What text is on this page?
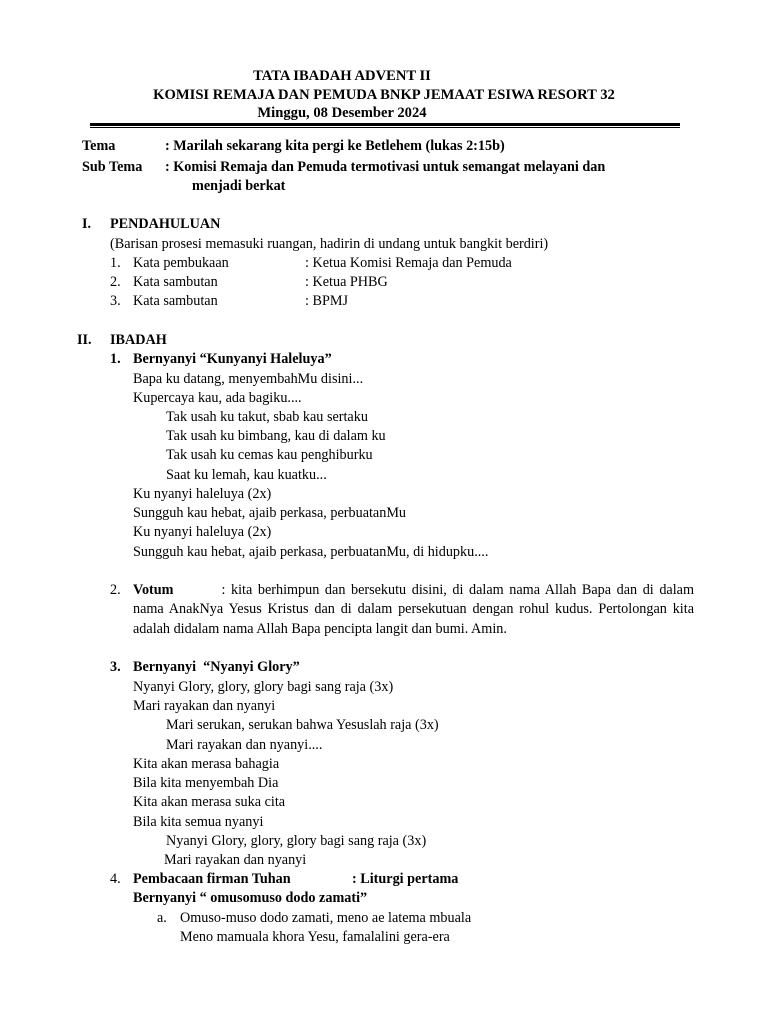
TATA IBADAH ADVENT II
KOMISI REMAJA DAN PEMUDA BNKP JEMAAT ESIWA RESORT 32
Minggu, 08 Desember 2024
Tema	: Marilah sekarang kita pergi ke Betlehem (lukas 2:15b)
Sub Tema : Komisi Remaja dan Pemuda termotivasi untuk semangat melayani dan
menjadi berkat
I. PENDAHULUAN
(Barisan prosesi memasuki ruangan, hadirin di undang untuk bangkit berdiri)
1. Kata pembukaan	: Ketua Komisi Remaja dan Pemuda
2. Kata sambutan	: Ketua PHBG
3. Kata sambutan	: BPMJ
II. IBADAH
1. Bernyanyi “Kunyanyi Haleluya”
Bapa ku datang, menyembahMu disini...
Kupercaya kau, ada bagiku....
Tak usah ku takut, sbab kau sertaku
Tak usah ku bimbang, kau di dalam ku
Tak usah ku cemas kau penghiburku
Saat ku lemah, kau kuatku...
Ku nyanyi haleluya (2x)
Sungguh kau hebat, ajaib perkasa, perbuatanMu
Ku nyanyi haleluya (2x)
Sungguh kau hebat, ajaib perkasa, perbuatanMu, di hidupku....
2. Votum	: kita berhimpun dan bersekutu disini, di dalam nama Allah Bapa dan di dalam nama AnakNya Yesus Kristus dan di dalam persekutuan dengan rohul kudus. Pertolongan kita adalah didalam nama Allah Bapa pencipta langit dan bumi. Amin.
3. Bernyanyi  “Nyanyi Glory”
Nyanyi Glory, glory, glory bagi sang raja (3x)
Mari rayakan dan nyanyi
Mari serukan, serukan bahwa Yesuslah raja (3x)
Mari rayakan dan nyanyi....
Kita akan merasa bahagia
Bila kita menyembah Dia
Kita akan merasa suka cita
Bila kita semua nyanyi
Nyanyi Glory, glory, glory bagi sang raja (3x)
Mari rayakan dan nyanyi
4. Pembacaan firman Tuhan	: Liturgi pertama
Bernyanyi “ omusomuso dodo zamati”
a. Omuso-muso dodo zamati, meno ae latema mbuala
Meno mamuala khora Yesu, famalalini gera-era
